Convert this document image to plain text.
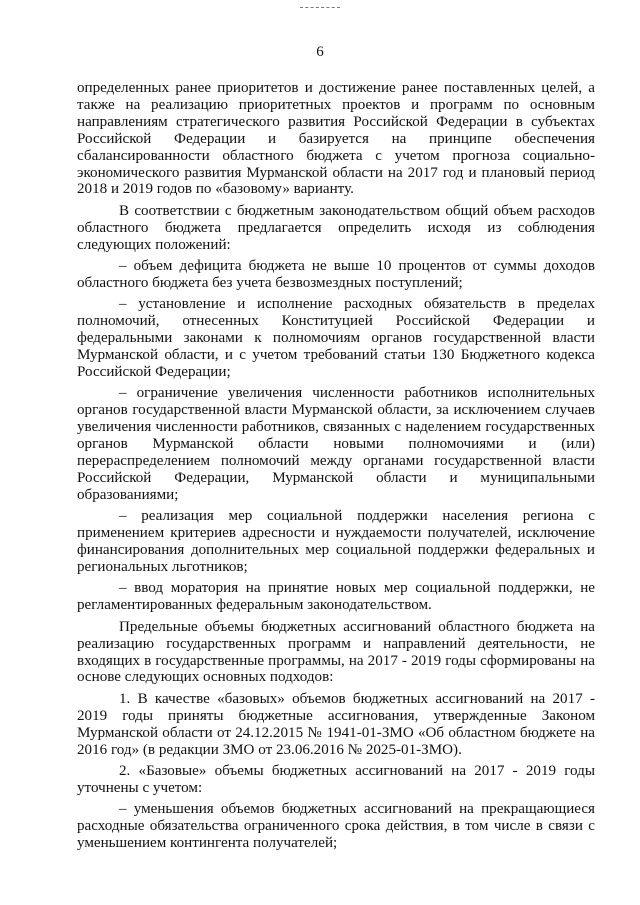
6

определенных ранее приоритетов и достижение ранее поставленных целей, а также на реализацию приоритетных проектов и программ по основным направлениям стратегического развития Российской Федерации в субъектах Российской Федерации и базируется на принципе обеспечения сбалансированности областного бюджета с учетом прогноза социально-экономического развития Мурманской области на 2017 год и плановый период 2018 и 2019 годов по «базовому» варианту.

В соответствии с бюджетным законодательством общий объем расходов областного бюджета предлагается определить исходя из соблюдения следующих положений:

– объем дефицита бюджета не выше 10 процентов от суммы доходов областного бюджета без учета безвозмездных поступлений;

– установление и исполнение расходных обязательств в пределах полномочий, отнесенных Конституцией Российской Федерации и федеральными законами к полномочиям органов государственной власти Мурманской области, и с учетом требований статьи 130 Бюджетного кодекса Российской Федерации;

– ограничение увеличения численности работников исполнительных органов государственной власти Мурманской области, за исключением случаев увеличения численности работников, связанных с наделением государственных органов Мурманской области новыми полномочиями и (или) перераспределением полномочий между органами государственной власти Российской Федерации, Мурманской области и муниципальными образованиями;

– реализация мер социальной поддержки населения региона с применением критериев адресности и нуждаемости получателей, исключение финансирования дополнительных мер социальной поддержки федеральных и региональных льготников;

– ввод моратория на принятие новых мер социальной поддержки, не регламентированных федеральным законодательством.

Предельные объемы бюджетных ассигнований областного бюджета на реализацию государственных программ и направлений деятельности, не входящих в государственные программы, на 2017 - 2019 годы сформированы на основе следующих основных подходов:

1. В качестве «базовых» объемов бюджетных ассигнований на 2017 - 2019 годы приняты бюджетные ассигнования, утвержденные Законом Мурманской области от 24.12.2015 № 1941-01-ЗМО «Об областном бюджете на 2016 год» (в редакции ЗМО от 23.06.2016 № 2025-01-ЗМО).

2. «Базовые» объемы бюджетных ассигнований на 2017 - 2019 годы уточнены с учетом:

– уменьшения объемов бюджетных ассигнований на прекращающиеся расходные обязательства ограниченного срока действия, в том числе в связи с уменьшением контингента получателей;
